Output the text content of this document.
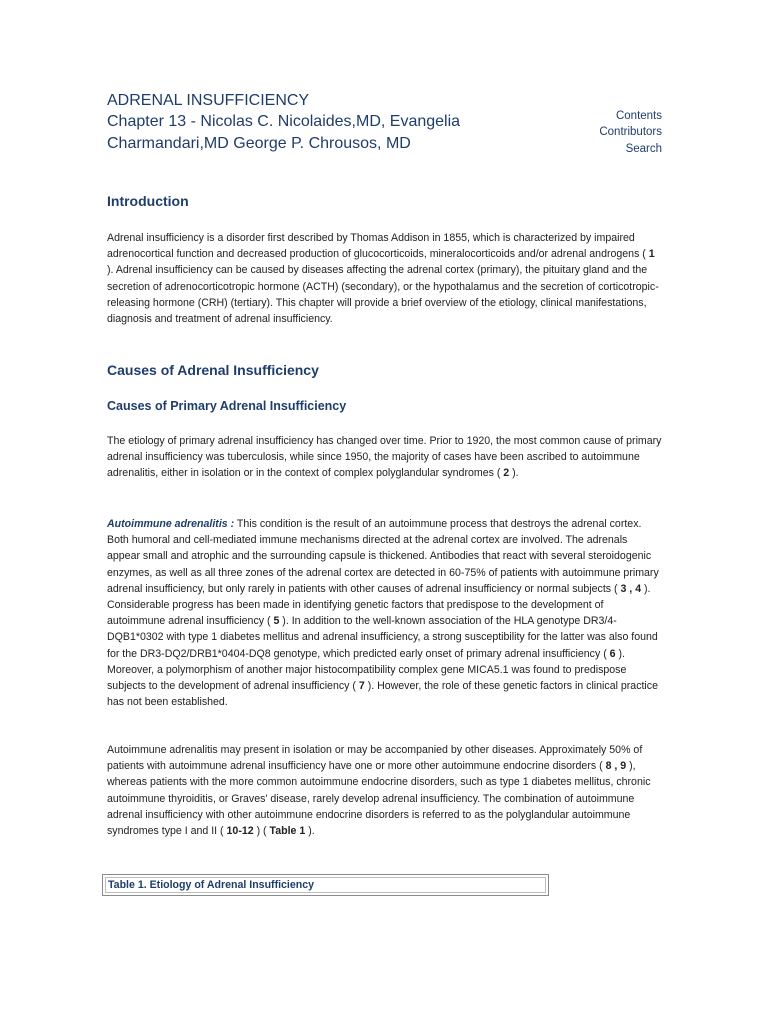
ADRENAL INSUFFICIENCY
Chapter 13 - Nicolas C. Nicolaides,MD, Evangelia
Charmandari,MD George P. Chrousos, MD
Contents
Contributors
Search
Introduction

Adrenal insufficiency is a disorder first described by Thomas Addison in 1855, which is characterized by impaired adrenocortical function and decreased production of glucocorticoids, mineralocorticoids and/or adrenal androgens ( 1 ). Adrenal insufficiency can be caused by diseases affecting the adrenal cortex (primary), the pituitary gland and the secretion of adrenocorticotropic hormone (ACTH) (secondary), or the hypothalamus and the secretion of corticotropic-releasing hormone (CRH) (tertiary). This chapter will provide a brief overview of the etiology, clinical manifestations, diagnosis and treatment of adrenal insufficiency.

Causes of Adrenal Insufficiency
Causes of Primary Adrenal Insufficiency

The etiology of primary adrenal insufficiency has changed over time. Prior to 1920, the most common cause of primary adrenal insufficiency was tuberculosis, while since 1950, the majority of cases have been ascribed to autoimmune adrenalitis, either in isolation or in the context of complex polyglandular syndromes ( 2 ).

Autoimmune adrenalitis : This condition is the result of an autoimmune process that destroys the adrenal cortex. Both humoral and cell-mediated immune mechanisms directed at the adrenal cortex are involved. The adrenals appear small and atrophic and the surrounding capsule is thickened. Antibodies that react with several steroidogenic enzymes, as well as all three zones of the adrenal cortex are detected in 60-75% of patients with autoimmune primary adrenal insufficiency, but only rarely in patients with other causes of adrenal insufficiency or normal subjects ( 3 , 4 ). Considerable progress has been made in identifying genetic factors that predispose to the development of autoimmune adrenal insufficiency ( 5 ). In addition to the well-known association of the HLA genotype DR3/4-DQB1*0302 with type 1 diabetes mellitus and adrenal insufficiency, a strong susceptibility for the latter was also found for the DR3-DQ2/DRB1*0404-DQ8 genotype, which predicted early onset of primary adrenal insufficiency ( 6 ). Moreover, a polymorphism of another major histocompatibility complex gene MICA5.1 was found to predispose subjects to the development of adrenal insufficiency ( 7 ). However, the role of these genetic factors in clinical practice has not been established.

Autoimmune adrenalitis may present in isolation or may be accompanied by other diseases. Approximately 50% of patients with autoimmune adrenal insufficiency have one or more other autoimmune endocrine disorders ( 8 , 9 ), whereas patients with the more common autoimmune endocrine disorders, such as type 1 diabetes mellitus, chronic autoimmune thyroiditis, or Graves' disease, rarely develop adrenal insufficiency. The combination of autoimmune adrenal insufficiency with other autoimmune endocrine disorders is referred to as the polyglandular autoimmune syndromes type I and II ( 10-12 ) ( Table 1 ).

Table 1. Etiology of Adrenal Insufficiency
